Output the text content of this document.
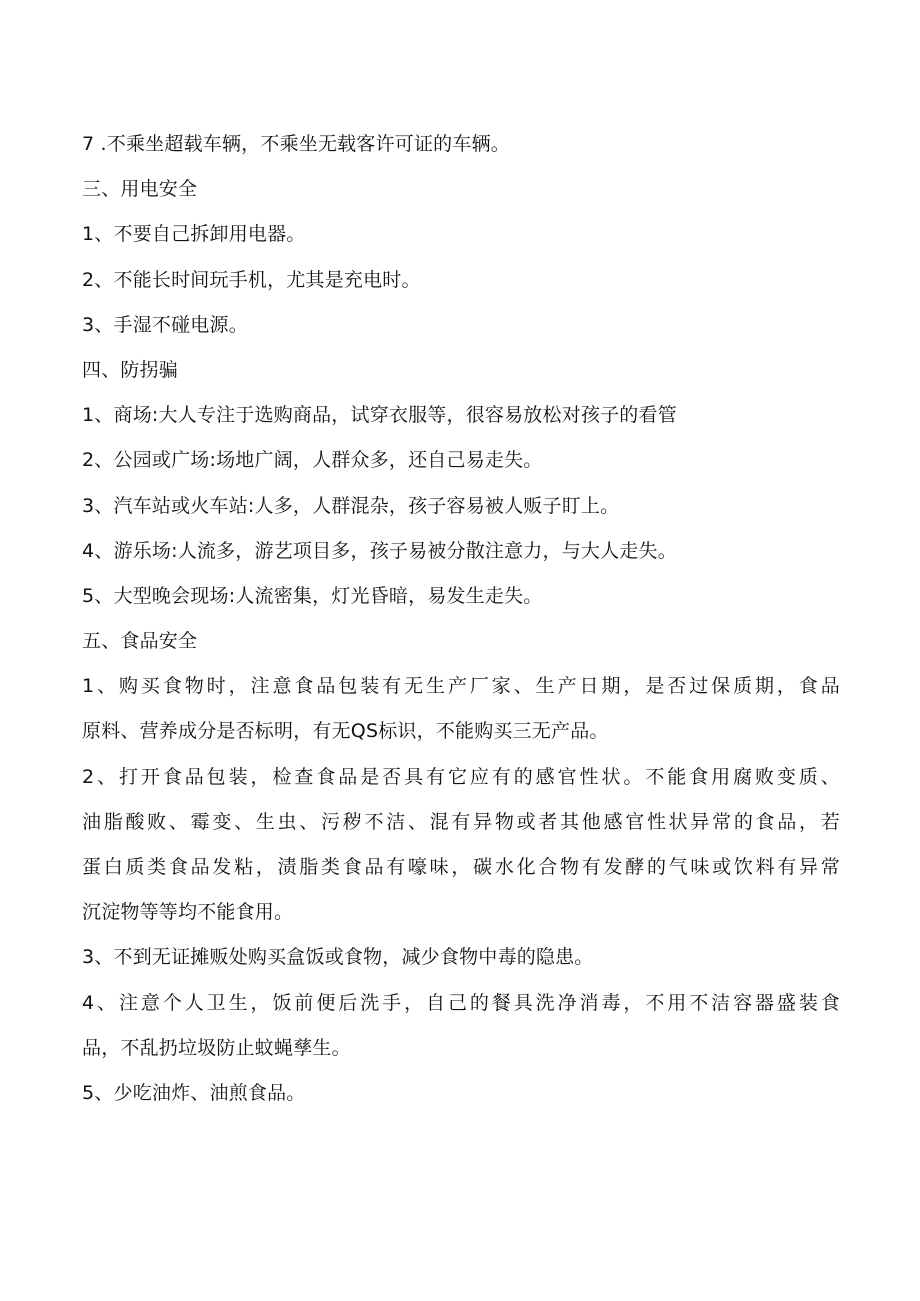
7 .不乘坐超载车辆，不乘坐无载客许可证的车辆。
三、用电安全
1、不要自己拆卸用电器。
2、不能长时间玩手机，尤其是充电时。
3、手湿不碰电源。
四、防拐骗
1、商场:大人专注于选购商品，试穿衣服等，很容易放松对孩子的看管
2、公园或广场:场地广阔，人群众多，还自己易走失。
3、汽车站或火车站:人多，人群混杂，孩子容易被人贩子盯上。
4、游乐场:人流多，游艺项目多，孩子易被分散注意力，与大人走失。
5、大型晚会现场:人流密集，灯光昏暗，易发生走失。
五、食品安全
1、购买食物时，注意食品包装有无生产厂家、生产日期，是否过保质期，食品
原料、营养成分是否标明，有无QS标识，不能购买三无产品。
2、打开食品包装，检查食品是否具有它应有的感官性状。不能食用腐败变质、
油脂酸败、霉变、生虫、污秽不洁、混有异物或者其他感官性状异常的食品，若
蛋白质类食品发粘，渍脂类食品有嚎味，碳水化合物有发酵的气味或饮料有异常
沉淀物等等均不能食用。
3、不到无证摊贩处购买盒饭或食物，减少食物中毒的隐患。
4、注意个人卫生，饭前便后洗手，自己的餐具洗净消毒，不用不洁容器盛装食
品，不乱扔垃圾防止蚊蝇孳生。
5、少吃油炸、油煎食品。
